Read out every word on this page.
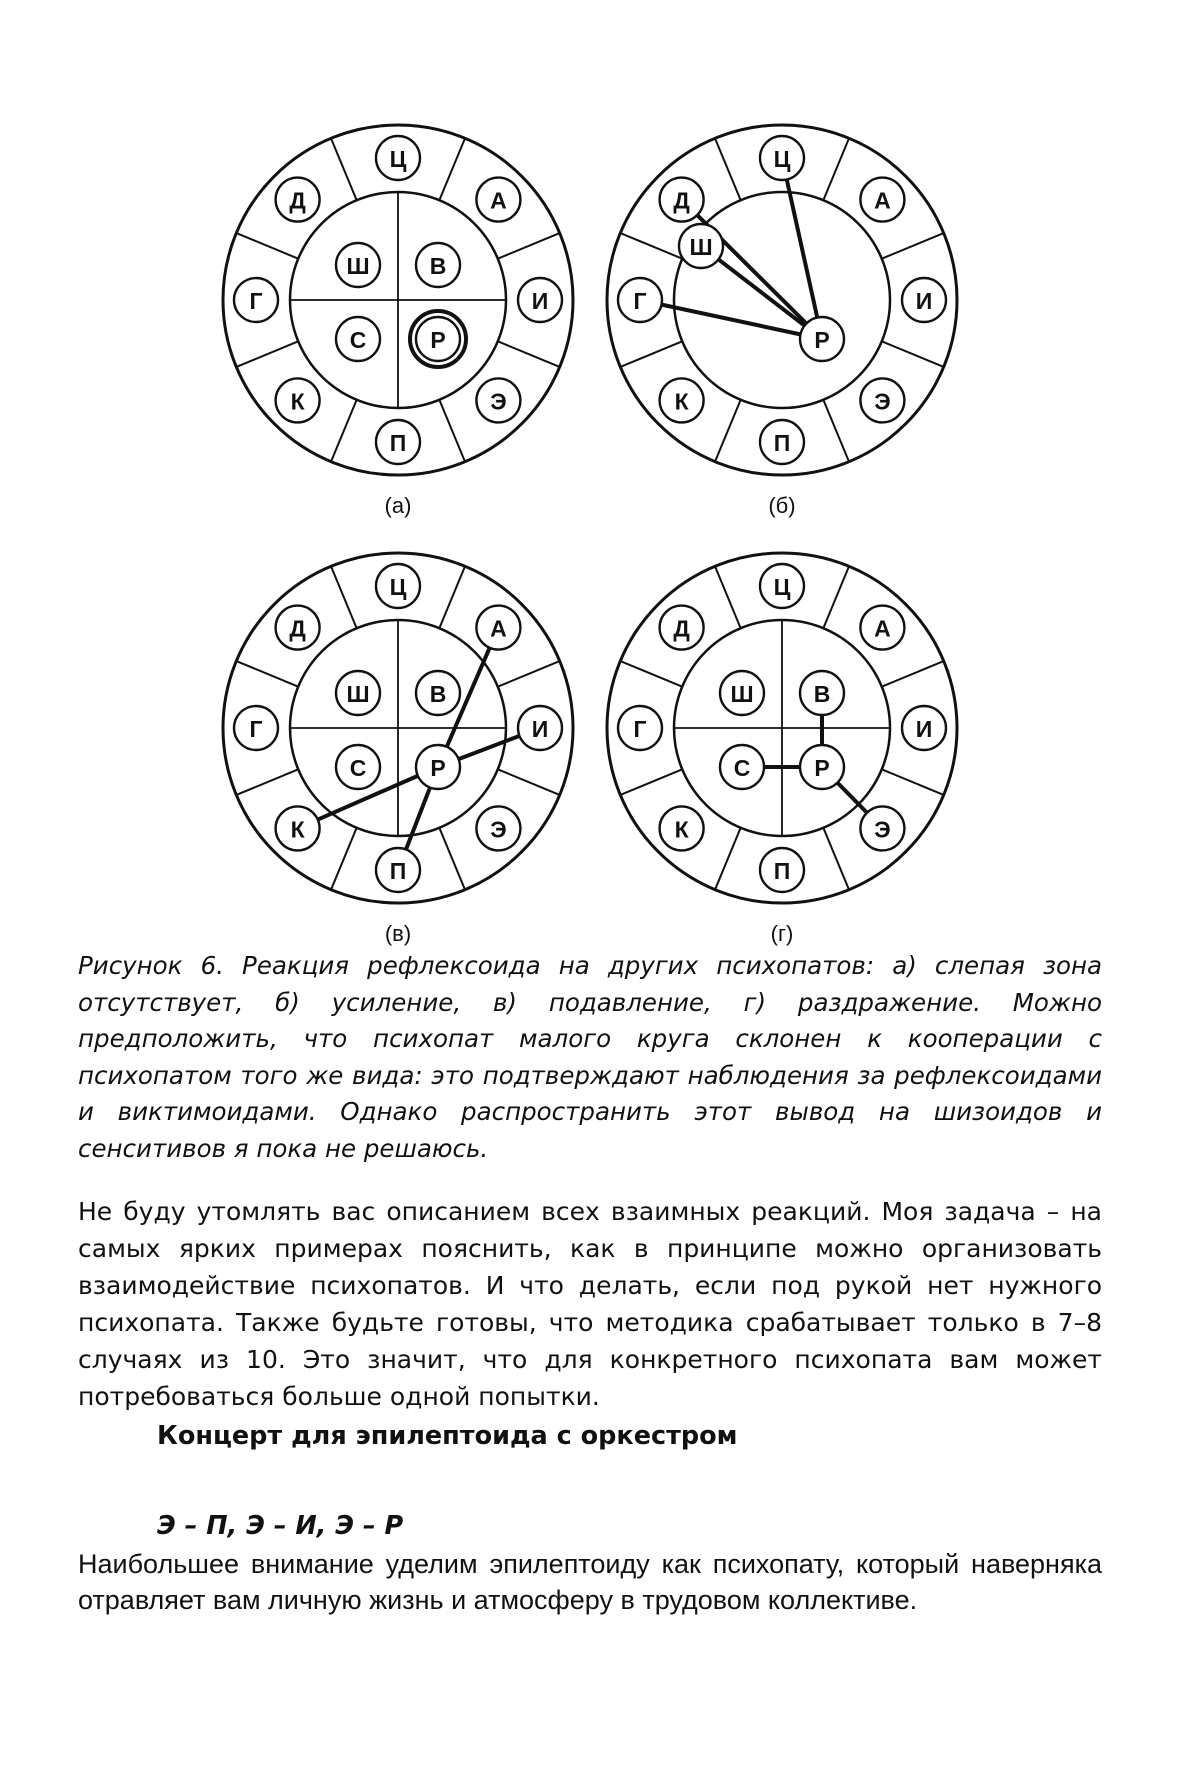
Ц
А
И
Э
П
К
Г
Д
В
Р
С
Ш
(а)
Ц
А
И
Э
П
К
Г
Д
Ш
Р
(б)
Ц
А
И
Э
П
К
Г
Д
В
Р
С
Ш
(в)
Ц
А
И
Э
П
К
Г
Д
В
Р
С
Ш
(г)

Рисунок 6. Реакция рефлексоида на других психопатов: а) слепая зона отсутствует, б) усиление, в) подавление, г) раздражение. Можно предположить, что психопат малого круга склонен к кооперации с психопатом того же вида: это подтверждают наблюдения за рефлексоидами и виктимоидами. Однако распространить этот вывод на шизоидов и сенситивов я пока не решаюсь.

Не буду утомлять вас описанием всех взаимных реакций. Моя задача – на самых ярких примерах пояснить, как в принципе можно организовать взаимодействие психопатов. И что делать, если под рукой нет нужного психопата. Также будьте готовы, что методика срабатывает только в 7–8 случаях из 10. Это значит, что для конкретного психопата вам может потребоваться больше одной попытки.

Концерт для эпилептоида с оркестром

Э – П, Э – И, Э – Р

Наибольшее внимание уделим эпилептоиду как психопату, который наверняка отравляет вам личную жизнь и атмосферу в трудовом коллективе.
